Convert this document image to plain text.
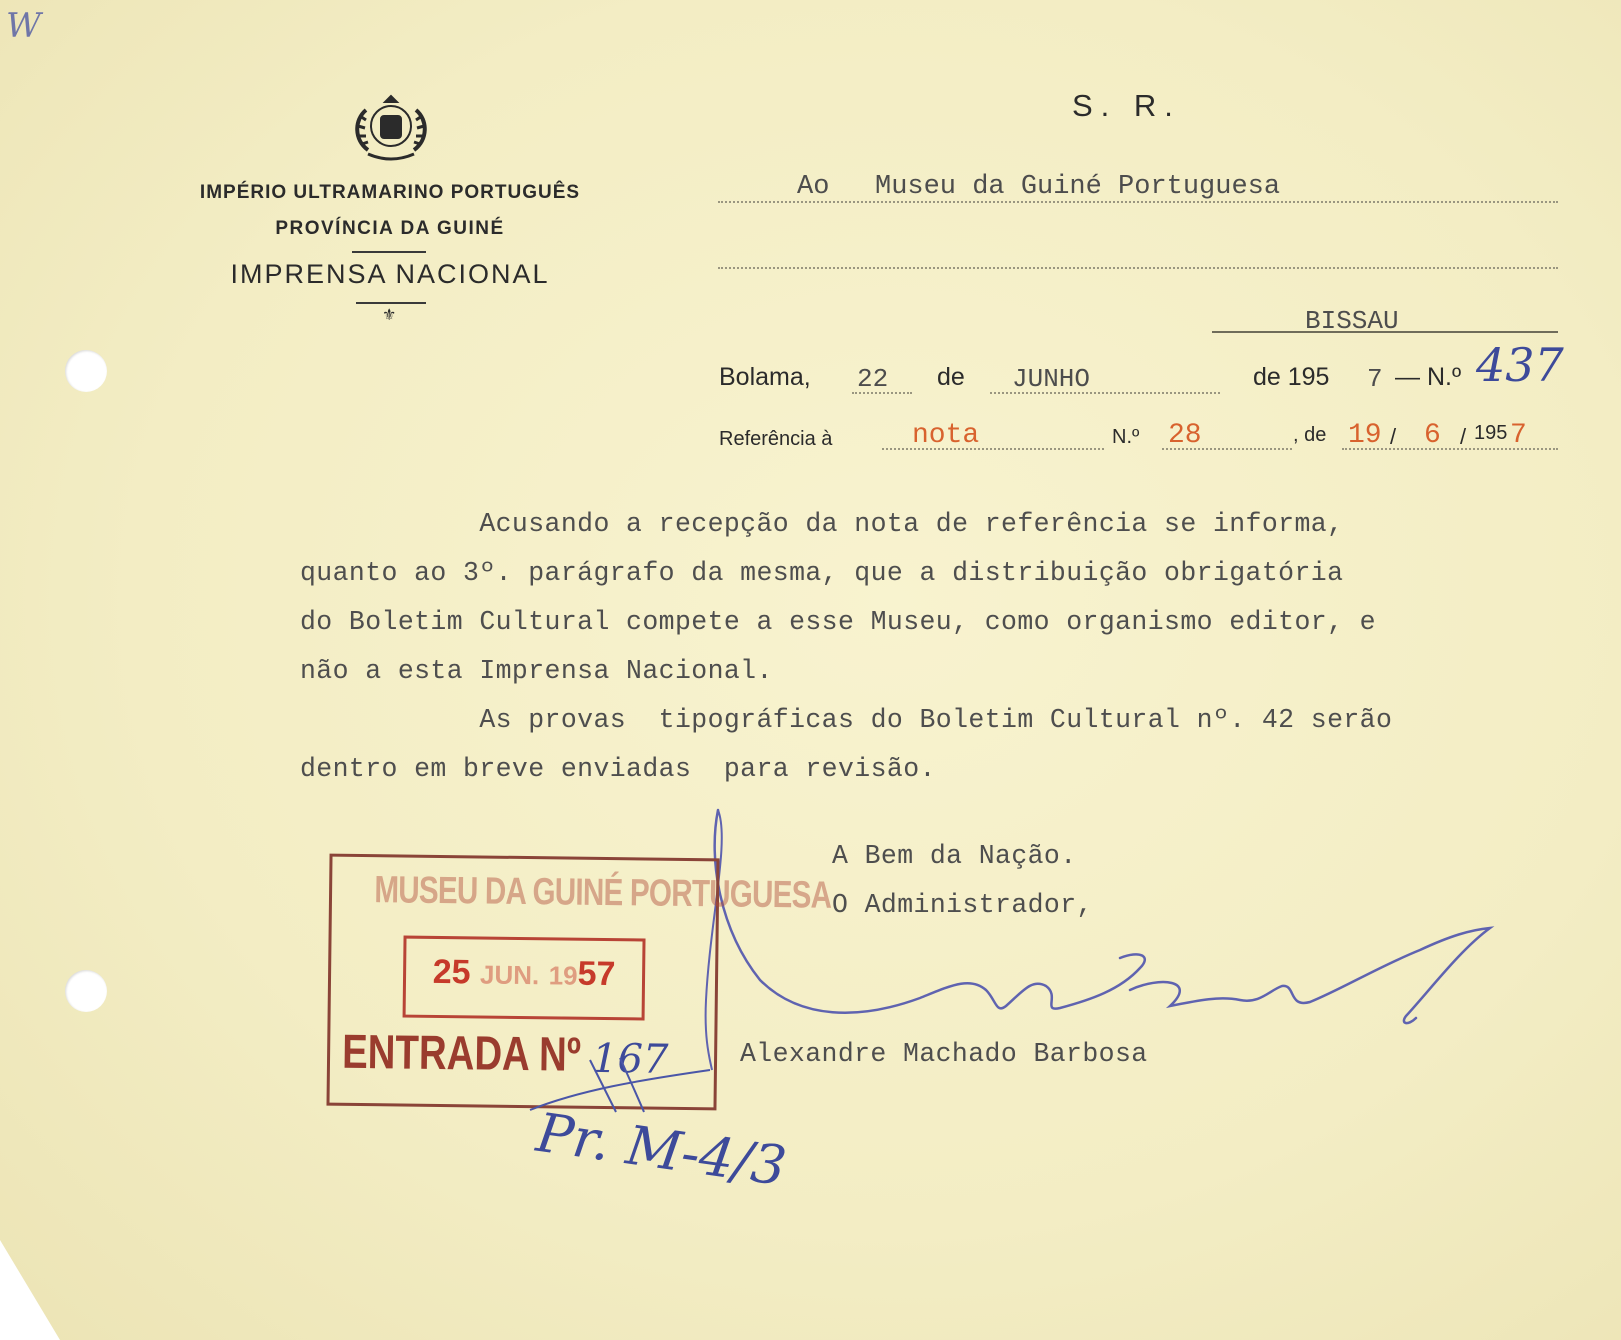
W
IMPÉRIO ULTRAMARINO PORTUGUÊS
PROVÍNCIA DA GUINÉ
IMPRENSA NACIONAL
⚜
S. R.
Ao Museu da Guiné Portuguesa
BISSAU
Bolama, 22 de JUNHO	de 195 7 — N.º 437
Referência à	nota	N.º 28	, de 19 / 6 / 195 7
Acusando a recepção da nota de referência se informa,
quanto ao 3º. parágrafo da mesma, que a distribuição obrigatória
do Boletim Cultural compete a esse Museu, como organismo editor, e
não a esta Imprensa Nacional.
As provas  tipográficas do Boletim Cultural nº. 42 serão
dentro em breve enviadas  para revisão.
A Bem da Nação.
O Administrador,
Alexandre Machado Barbosa
MUSEU DA GUINÉ PORTUGUESA
25 JUN. 1957
ENTRADA Nº 167
Pr. M-4/3
